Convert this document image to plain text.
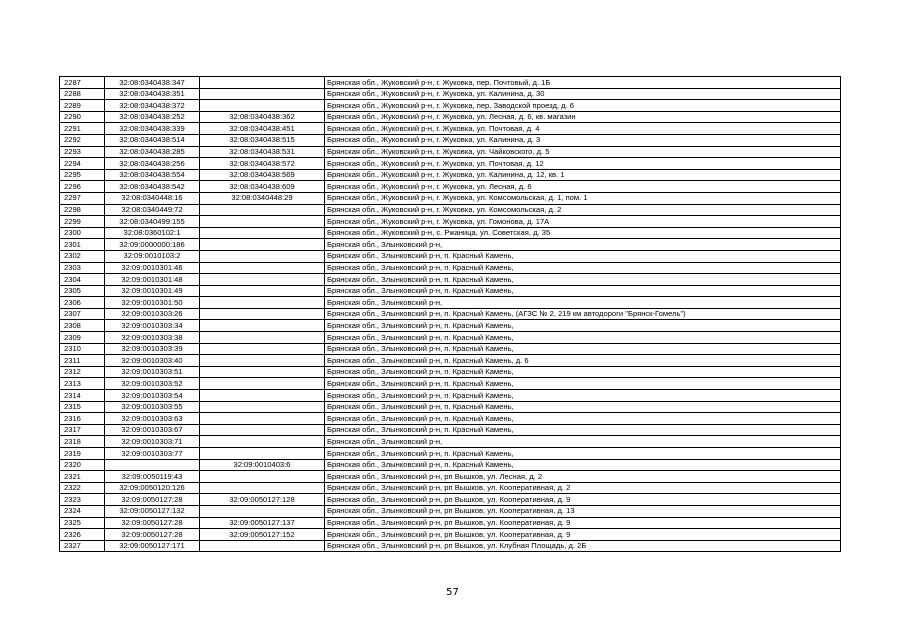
2287	32:08:0340438:347		Брянская обл., Жуковский р-н, г. Жуковка, пер. Почтовый, д. 1Б
2288	32:08:0340438:351		Брянская обл., Жуковский р-н, г. Жуковка, ул. Калинина, д. 30
2289	32:08:0340438:372		Брянская обл., Жуковский р-н, г. Жуковка, пер. Заводской проезд, д. 6
2290	32:08:0340438:252	32:08:0340438:362	Брянская обл., Жуковский р-н, г. Жуковка, ул. Лесная, д. 6, кв. магазин
2291	32:08:0340438:339	32:08:0340438:451	Брянская обл., Жуковский р-н, г. Жуковка, ул. Почтовая, д. 4
2292	32:08:0340438:514	32:08:0340438:515	Брянская обл., Жуковский р-н, г. Жуковка, ул. Калинина, д. 3
2293	32:08:0340438:285	32:08:0340438:531	Брянская обл., Жуковский р-н, г. Жуковка, ул. Чайковского, д. 5
2294	32:08:0340438:256	32:08:0340438:572	Брянская обл., Жуковский р-н, г. Жуковка, ул. Почтовая, д. 12
2295	32:08:0340438:554	32:08:0340438:569	Брянская обл., Жуковский р-н, г. Жуковка, ул. Калинина, д. 12, кв. 1
2296	32:08:0340438:542	32:08:0340438:609	Брянская обл., Жуковский р-н, г. Жуковка, ул. Лесная, д. 6
2297	32:08:0340448:16	32:08:0340448:29	Брянская обл., Жуковский р-н, г. Жуковка, ул. Комсомольская, д. 1, пом. 1
2298	32:08:0340449:72		Брянская обл., Жуковский р-н, г. Жуковка, ул. Комсомольская, д. 2
2299	32:08:0340499:155		Брянская обл., Жуковский р-н, г. Жуковка, ул. Гомонова, д. 17А
2300	32:08:0360102:1		Брянская обл., Жуковский р-н, с. Ржаница, ул. Советская, д. 35
2301	32:09:0000000:186		Брянская обл., Злынковский р-н,
2302	32:09:0010103:2		Брянская обл., Злынковский р-н, п. Красный Камень,
2303	32:09:0010301:46		Брянская обл., Злынковский р-н, п. Красный Камень,
2304	32:09:0010301:48		Брянская обл., Злынковский р-н, п. Красный Камень,
2305	32:09:0010301:49		Брянская обл., Злынковский р-н, п. Красный Камень,
2306	32:09:0010301:50		Брянская обл., Злынковский р-н,
2307	32:09:0010303:26		Брянская обл., Злынковский р-н, п. Красный Камень, (АГЗС № 2, 219 км автодороги "Брянск-Гомель")
2308	32:09:0010303:34		Брянская обл., Злынковский р-н, п. Красный Камень,
2309	32:09:0010303:38		Брянская обл., Злынковский р-н, п. Красный Камень,
2310	32:09:0010303:39		Брянская обл., Злынковский р-н, п. Красный Камень,
2311	32:09:0010303:40		Брянская обл., Злынковский р-н, п. Красный Камень, д. 6
2312	32:09:0010303:51		Брянская обл., Злынковский р-н, п. Красный Камень,
2313	32:09:0010303:52		Брянская обл., Злынковский р-н, п. Красный Камень,
2314	32:09:0010303:54		Брянская обл., Злынковский р-н, п. Красный Камень,
2315	32:09:0010303:55		Брянская обл., Злынковский р-н, п. Красный Камень,
2316	32:09:0010303:63		Брянская обл., Злынковский р-н, п. Красный Камень,
2317	32:09:0010303:67		Брянская обл., Злынковский р-н, п. Красный Камень,
2318	32:09:0010303:71		Брянская обл., Злынковский р-н,
2319	32:09:0010303:77		Брянская обл., Злынковский р-н, п. Красный Камень,
2320		32:09:0010403:6	Брянская обл., Злынковский р-н, п. Красный Камень,
2321	32:09:0050119:43		Брянская обл., Злынковский р-н, рп Вышков, ул. Лесная, д. 2
2322	32:09:0050120:126		Брянская обл., Злынковский р-н, рп Вышков, ул. Кооперативная, д. 2
2323	32:09:0050127:28	32:09:0050127:128	Брянская обл., Злынковский р-н, рп Вышков, ул. Кооперативная, д. 9
2324	32:09:0050127:132		Брянская обл., Злынковский р-н, рп Вышков, ул. Кооперативная, д. 13
2325	32:09:0050127:28	32:09:0050127:137	Брянская обл., Злынковский р-н, рп Вышков, ул. Кооперативная, д. 9
2326	32:09:0050127:28	32:09:0050127:152	Брянская обл., Злынковский р-н, рп Вышков, ул. Кооперативная, д. 9
2327	32:09:0050127:171		Брянская обл., Злынковский р-н, рп Вышков, ул. Клубная Площадь, д. 2Б
57
